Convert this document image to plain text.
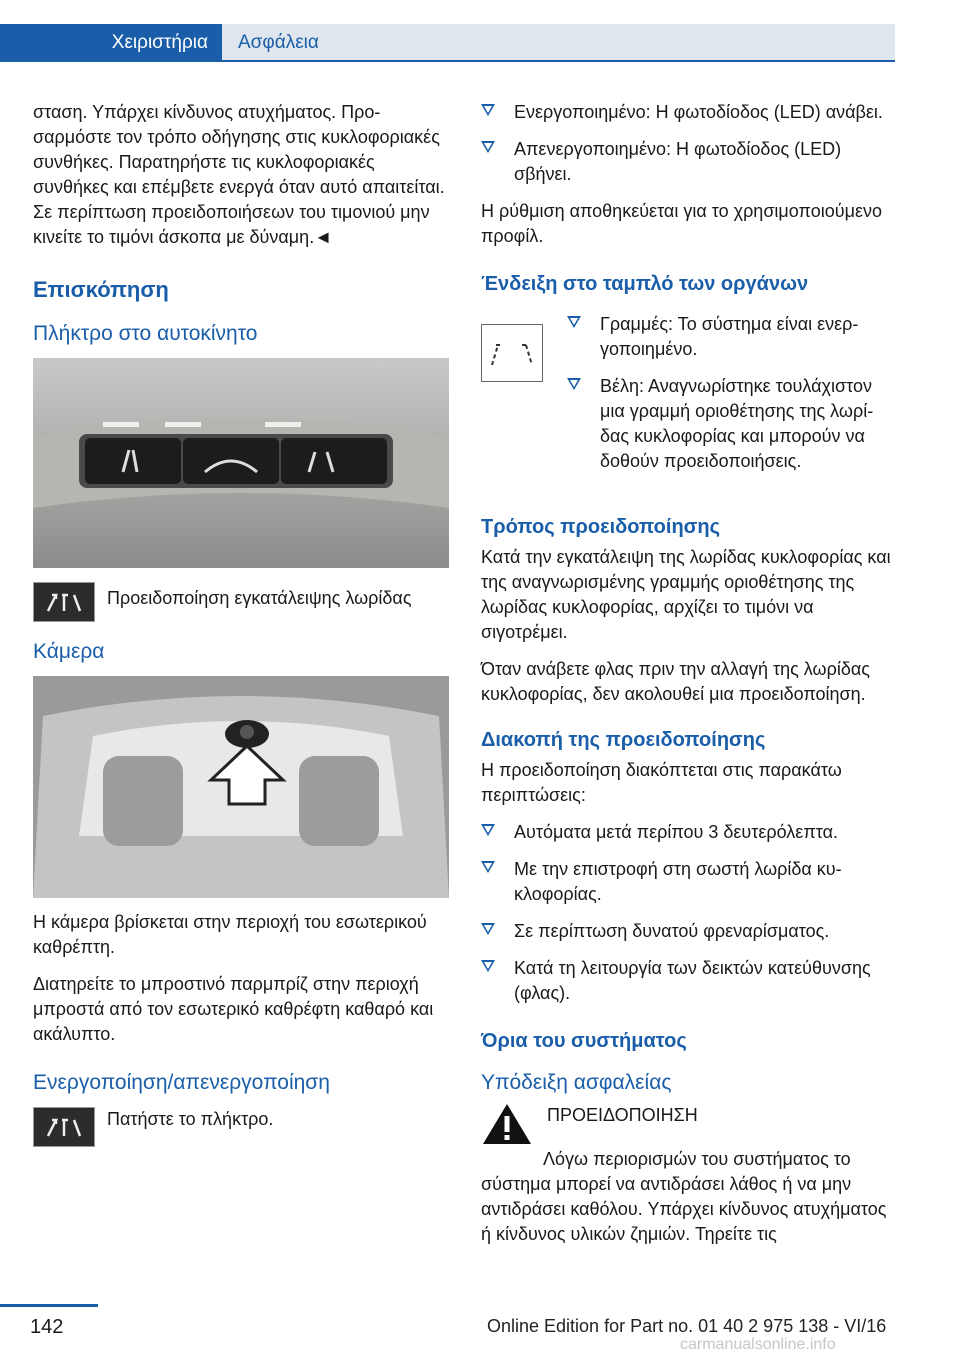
Χειριστήρια	Ασφάλεια

σταση. Υπάρχει κίνδυνος ατυχήματος. Προσαρμόστε τον τρόπο οδήγησης στις κυκλοφοριακές συνθήκες. Παρατηρήστε τις κυκλοφοριακές συνθήκες και επέμβετε ενεργά όταν αυτό απαιτείται. Σε περίπτωση προειδοποιήσεων του τιμονιού μην κινείτε το τιμόνι άσκοπα με δύναμη.◄

Επισκόπηση
Πλήκτρο στο αυτοκίνητο
Προειδοποίηση εγκατάλειψης λωρίδας
Κάμερα

Η κάμερα βρίσκεται στην περιοχή του εσωτερικού καθρέπτη.

Διατηρείτε το μπροστινό παρμπρίζ στην περιοχή μπροστά από τον εσωτερικό καθρέφτη καθαρό και ακάλυπτο.

Ενεργοποίηση/απενεργοποίηση
Πατήστε το πλήκτρο.
Ενεργοποιημένο: Η φωτοδίοδος (LED) ανάβει.
Απενεργοποιημένο: Η φωτοδίοδος (LED) σβήνει.

Η ρύθμιση αποθηκεύεται για το χρησιμοποιούμενο προφίλ.

Ένδειξη στο ταμπλό των οργάνων
Γραμμές: Το σύστημα είναι ενεργοποιημένο.
Βέλη: Αναγνωρίστηκε τουλάχιστον μια γραμμή οριοθέτησης της λωρίδας κυκλοφορίας και μπορούν να δοθούν προειδοποιήσεις.
Τρόπος προειδοποίησης

Κατά την εγκατάλειψη της λωρίδας κυκλοφορίας και της αναγνωρισμένης γραμμής οριοθέτησης της λωρίδας κυκλοφορίας, αρχίζει το τιμόνι να σιγοτρέμει.

Όταν ανάβετε φλας πριν την αλλαγή της λωρίδας κυκλοφορίας, δεν ακολουθεί μια προειδοποίηση.

Διακοπή της προειδοποίησης

Η προειδοποίηση διακόπτεται στις παρακάτω περιπτώσεις:

Αυτόματα μετά περίπου 3 δευτερόλεπτα.
Με την επιστροφή στη σωστή λωρίδα κυκλοφορίας.
Σε περίπτωση δυνατού φρεναρίσματος.
Κατά τη λειτουργία των δεικτών κατεύθυνσης (φλας).
Όρια του συστήματος
Υπόδειξη ασφαλείας
ΠΡΟΕΙΔΟΠΟΙΗΣΗ
Λόγω περιορισμών του συστήματος το σύστημα μπορεί να αντιδράσει λάθος ή να μην αντιδράσει καθόλου. Υπάρχει κίνδυνος ατυχήματος ή κίνδυνος υλικών ζημιών. Τηρείτε τις
142	Online Edition for Part no. 01 40 2 975 138 - VI/16
carmanualsonline.info
